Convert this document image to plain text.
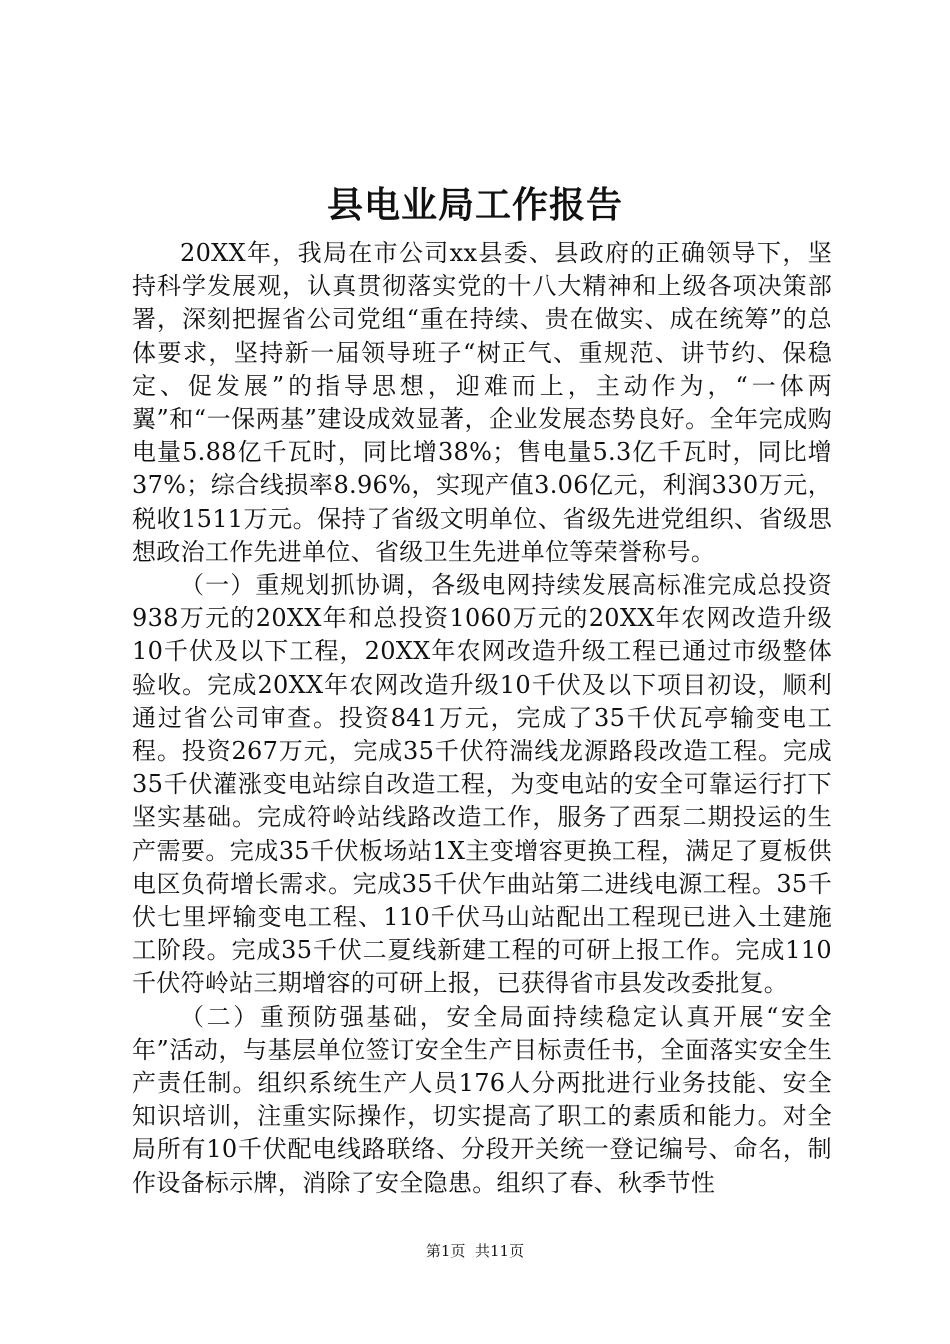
县电业局工作报告

20XX年，我局在市公司xx县委、县政府的正确领导下，坚持科学发展观，认真贯彻落实党的十八大精神和上级各项决策部署，深刻把握省公司党组“重在持续、贵在做实、成在统筹”的总体要求，坚持新一届领导班子“树正气、重规范、讲节约、保稳定、促发展”的指导思想，迎难而上，主动作为，“一体两翼”和“一保两基”建设成效显著，企业发展态势良好。全年完成购电量5.88亿千瓦时，同比增38%；售电量5.3亿千瓦时，同比增37%；综合线损率8.96%，实现产值3.06亿元，利润330万元，税收1511万元。保持了省级文明单位、省级先进党组织、省级思想政治工作先进单位、省级卫生先进单位等荣誉称号。

（一）重规划抓协调，各级电网持续发展高标准完成总投资938万元的20XX年和总投资1060万元的20XX年农网改造升级10千伏及以下工程，20XX年农网改造升级工程已通过市级整体验收。完成20XX年农网改造升级10千伏及以下项目初设，顺利通过省公司审查。投资841万元，完成了35千伏瓦亭输变电工程。投资267万元，完成35千伏符湍线龙源路段改造工程。完成35千伏灌涨变电站综自改造工程，为变电站的安全可靠运行打下坚实基础。完成符岭站线路改造工作，服务了西泵二期投运的生产需要。完成35千伏板场站1X主变增容更换工程，满足了夏板供电区负荷增长需求。完成35千伏乍曲站第二进线电源工程。35千伏七里坪输变电工程、110千伏马山站配出工程现已进入土建施工阶段。完成35千伏二夏线新建工程的可研上报工作。完成110千伏符岭站三期增容的可研上报，已获得省市县发改委批复。

（二）重预防强基础，安全局面持续稳定认真开展“安全年”活动，与基层单位签订安全生产目标责任书，全面落实安全生产责任制。组织系统生产人员176人分两批进行业务技能、安全知识培训，注重实际操作，切实提高了职工的素质和能力。对全局所有10千伏配电线路联络、分段开关统一登记编号、命名，制作设备标示牌，消除了安全隐患。组织了春、秋季节性

第1页 共11页
